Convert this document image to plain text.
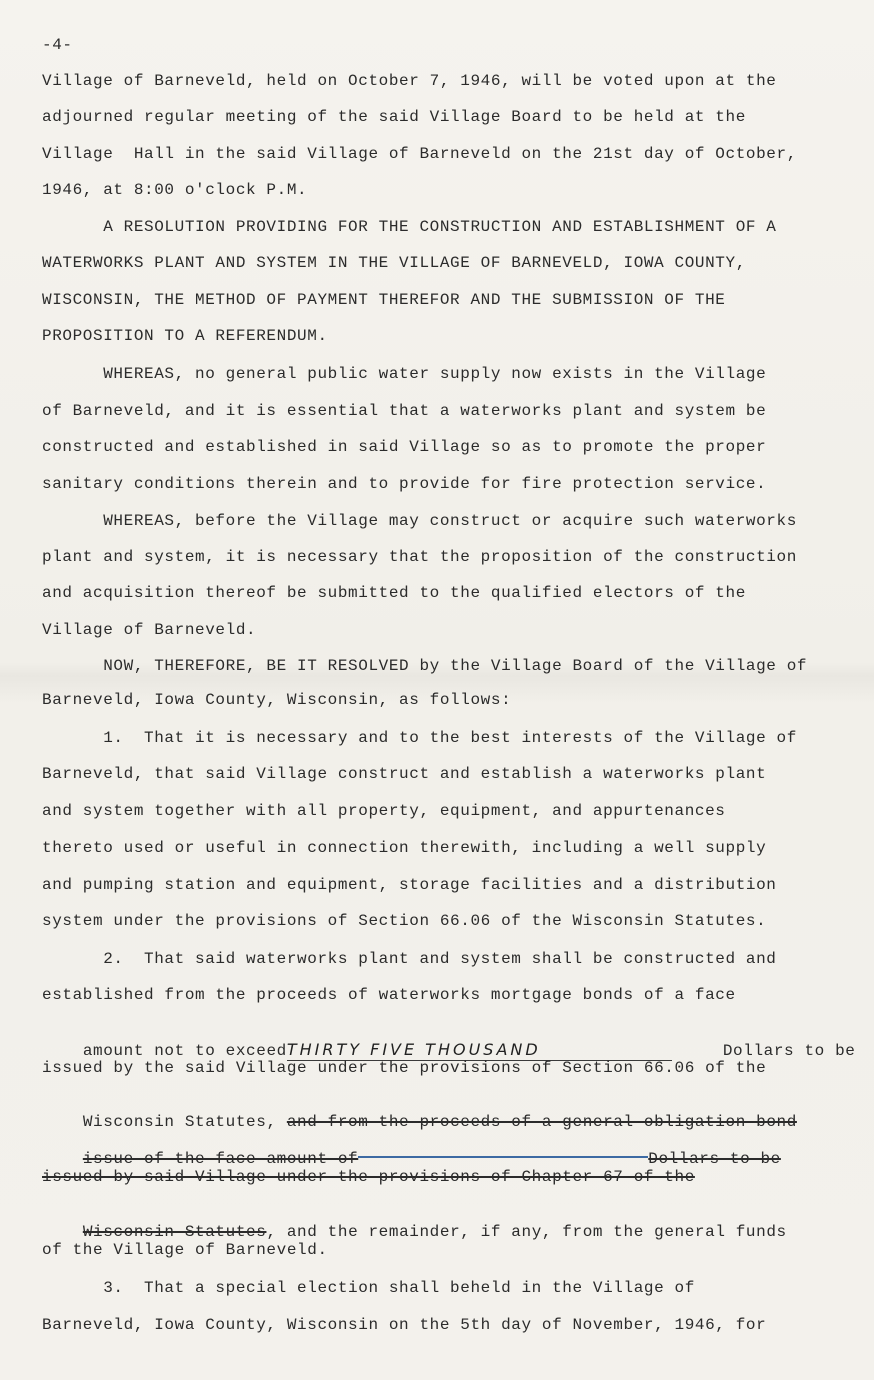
-4-
Village of Barneveld, held on October 7, 1946, will be voted upon at the
adjourned regular meeting of the said Village Board to be held at the
Village  Hall in the said Village of Barneveld on the 21st day of October,
1946, at 8:00 o'clock P.M.
A RESOLUTION PROVIDING FOR THE CONSTRUCTION AND ESTABLISHMENT OF A
WATERWORKS PLANT AND SYSTEM IN THE VILLAGE OF BARNEVELD, IOWA COUNTY,
WISCONSIN, THE METHOD OF PAYMENT THEREFOR AND THE SUBMISSION OF THE
PROPOSITION TO A REFERENDUM.
WHEREAS, no general public water supply now exists in the Village
of Barneveld, and it is essential that a waterworks plant and system be
constructed and established in said Village so as to promote the proper
sanitary conditions therein and to provide for fire protection service.
WHEREAS, before the Village may construct or acquire such waterworks
plant and system, it is necessary that the proposition of the construction
and acquisition thereof be submitted to the qualified electors of the
Village of Barneveld.
NOW, THEREFORE, BE IT RESOLVED by the Village Board of the Village of
Barneveld, Iowa County, Wisconsin, as follows:
1.  That it is necessary and to the best interests of the Village of
Barneveld, that said Village construct and establish a waterworks plant
and system together with all property, equipment, and appurtenances
thereto used or useful in connection therewith, including a well supply
and pumping station and equipment, storage facilities and a distribution
system under the provisions of Section 66.06 of the Wisconsin Statutes.
2.  That said waterworks plant and system shall be constructed and
established from the proceeds of waterworks mortgage bonds of a face

amount not to exceedTHIRTY FIVE THOUSAND	Dollars to be

issued by the said Village under the provisions of Section 66.06 of the

Wisconsin Statutes, and from the proceeds of a general obligation bond

issue of the face amount of	Dollars to be

issued by said Village under the provisions of Chapter 67 of the

Wisconsin Statutes, and the remainder, if any, from the general funds

of the Village of Barneveld.
3.  That a special election shall beheld in the Village of
Barneveld, Iowa County, Wisconsin on the 5th day of November, 1946, for
